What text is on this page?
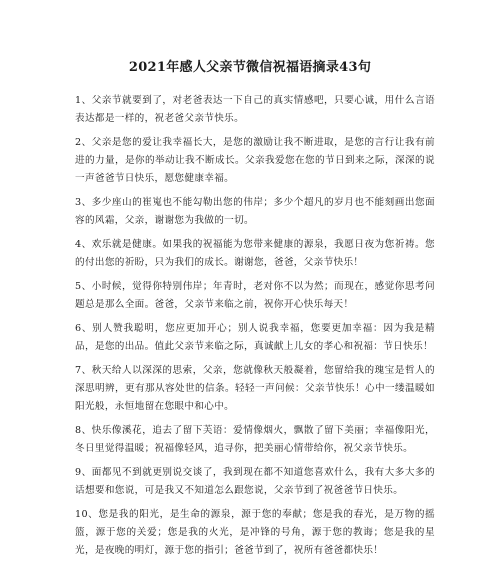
2021年感人父亲节微信祝福语摘录43句
1、父亲节就要到了，对老爸表达一下自己的真实情感吧，只要心诚，用什么言语表达都是一样的，祝老爸父亲节快乐。
2、父亲是您的爱让我幸福长大，是您的激励让我不断进取，是您的言行让我有前进的力量，是你的举动让我不断成长。父亲我爱您在您的节日到来之际，深深的说一声爸爸节日快乐，愿您健康幸福。
3、多少座山的崔嵬也不能勾勒出您的伟岸；多少个超凡的岁月也不能刻画出您面容的风霜，父亲，谢谢您为我做的一切。
4、欢乐就是健康。如果我的祝福能为您带来健康的源泉，我愿日夜为您祈祷。您的付出您的祈盼，只为我们的成长。谢谢您，爸爸，父亲节快乐！
5、小时候，觉得你特别伟岸；年青时，老对你不以为然；而现在，感觉你思考问题总是那么全面。爸爸，父亲节来临之前，祝你开心快乐每天！
6、别人赞我聪明，您应更加开心；别人说我幸福，您要更加幸福：因为我是精品，是您的出品。值此父亲节来临之际，真诚献上儿女的孝心和祝福：节日快乐！
7、秋天给人以深深的思索，父亲，您就像秋天般凝着，您留给我的瑰宝是哲人的深思明辨，更有那从容处世的信条。轻轻一声问候：父亲节快乐！心中一缕温暖如阳光般，永恒地留在您眼中和心中。
8、快乐像溪花，追去了留下芙语：爱情像烟火，飘散了留下美丽；幸福像阳光，冬日里觉得温暖；祝福像轻风，追寻你，把美丽心情带给你，祝父亲节快乐。
9、面都见不到就更别说交谈了，我到现在都不知道您喜欢什么，我有大多大多的话想要和您说，可是我又不知道怎么跟您说，父亲节到了祝爸爸节日快乐。
10、您是我的阳光，是生命的源泉，源于您的奉献；您是我的春光，是万物的摇篮，源于您的关爱；您是我的火光，是冲锋的号角，源于您的教诲；您是我的星光，是夜晚的明灯，源于您的指引；爸爸节到了，祝所有爸爸都快乐！
